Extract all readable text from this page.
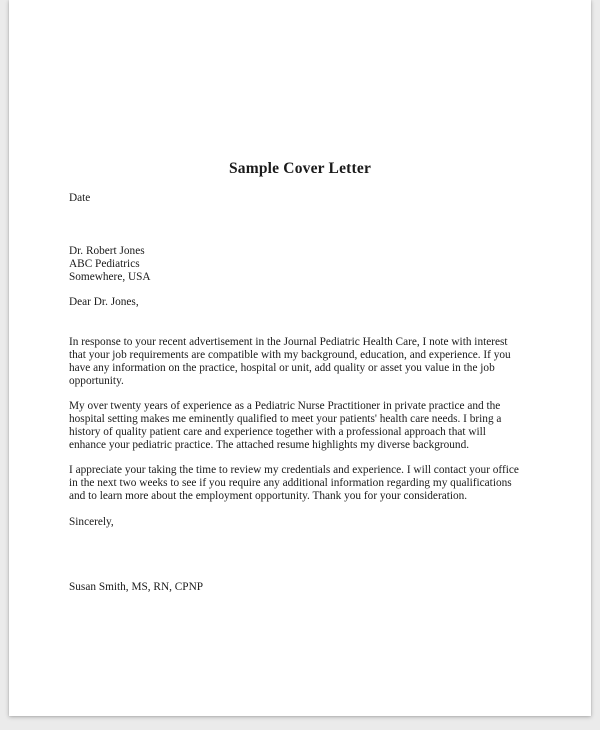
Sample Cover Letter

Date

Dr. Robert Jones
ABC Pediatrics
Somewhere, USA

Dear Dr. Jones,

In response to your recent advertisement in the Journal Pediatric Health Care, I note with interest

that your job requirements are compatible with my background, education, and experience. If you

have any information on the practice, hospital or unit, add quality or asset you value in the job

opportunity.

My over twenty years of experience as a Pediatric Nurse Practitioner in private practice and the

hospital setting makes me eminently qualified to meet your patients' health care needs. I bring a

history of quality patient care and experience together with a professional approach that will

enhance your pediatric practice. The attached resume highlights my diverse background.

I appreciate your taking the time to review my credentials and experience. I will contact your office

in the next two weeks to see if you require any additional information regarding my qualifications

and to learn more about the employment opportunity. Thank you for your consideration.

Sincerely,

Susan Smith, MS, RN, CPNP
